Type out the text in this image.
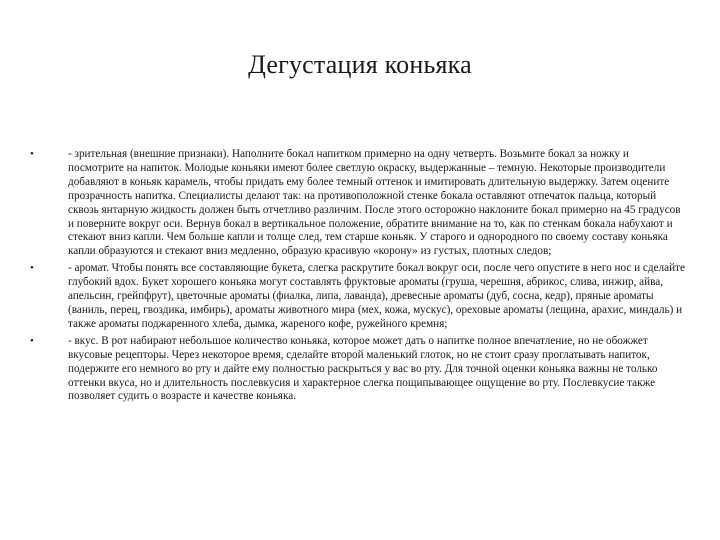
Дегустация коньяка
•	- зрительная (внешние признаки). Наполните бокал напитком примерно на одну четверть. Возьмите бокал за ножку и посмотрите на напиток. Молодые коньяки имеют более светлую окраску, выдержанные – темную. Некоторые производители добавляют в коньяк карамель, чтобы придать ему более темный оттенок и имитировать длительную выдержку. Затем оцените прозрачность напитка. Специалисты делают так: на противоположной стенке бокала оставляют отпечаток пальца, который сквозь янтарную жидкость должен быть отчетливо различим. После этого осторожно наклоните бокал примерно на 45 градусов и поверните вокруг оси. Вернув бокал в вертикальное положение, обратите внимание на то, как по стенкам бокала набухают и стекают вниз капли. Чем больше капли и толще след, тем старше коньяк. У старого и однородного по своему составу коньяка капли образуются и стекают вниз медленно, образую красивую «корону» из густых, плотных следов;
•	- аромат. Чтобы понять все составляющие букета, слегка раскрутите бокал вокруг оси, после чего опустите в него нос и сделайте глубокий вдох. Букет хорошего коньяка могут составлять фруктовые ароматы (груша, черешня, абрикос, слива, инжир, айва, апельсин, грейпфрут), цветочные ароматы (фиалка, липа, лаванда), древесные ароматы (дуб, сосна, кедр), пряные ароматы (ваниль, перец, гвоздика, имбирь), ароматы животного мира (мех, кожа, мускус), ореховые ароматы (лещина, арахис, миндаль) и также ароматы поджаренного хлеба, дымка, жареного кофе, ружейного кремня;
•	- вкус. В рот набирают небольшое количество коньяка, которое может дать о напитке полное впечатление, но не обожжет вкусовые рецепторы. Через некоторое время, сделайте второй маленький глоток, но не стоит сразу проглатывать напиток, подержите его немного во рту и дайте ему полностью раскрыться у вас во рту. Для точной оценки коньяка важны не только оттенки вкуса, но и длительность послевкусия и характерное слегка пощипывающее ощущение во рту. Послевкусие также позволяет судить о возрасте и качестве коньяка.
